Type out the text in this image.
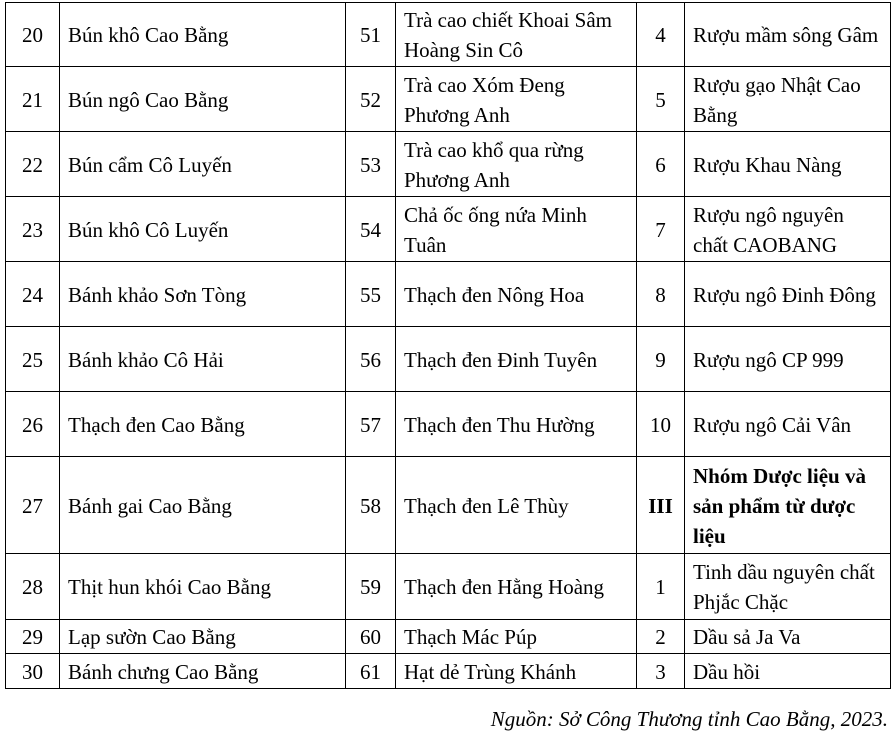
20	Bún khô Cao Bằng	51	Trà cao chiết Khoai Sâm Hoàng Sin Cô	4	Rượu mầm sông Gâm
21	Bún ngô Cao Bằng	52	Trà cao Xóm Đeng Phương Anh	5	Rượu gạo Nhật Cao Bằng
22	Bún cẩm Cô Luyến	53	Trà cao khổ qua rừng Phương Anh	6	Rượu Khau Nàng
23	Bún khô Cô Luyến	54	Chả ốc ống nứa Minh Tuân	7	Rượu ngô nguyên chất CAOBANG
24	Bánh khảo Sơn Tòng	55	Thạch đen Nông Hoa	8	Rượu ngô Đinh Đông
25	Bánh khảo Cô Hải	56	Thạch đen Đinh Tuyên	9	Rượu ngô CP 999
26	Thạch đen Cao Bằng	57	Thạch đen Thu Hường	10	Rượu ngô Cải Vân
27	Bánh gai Cao Bằng	58	Thạch đen Lê Thùy	III	Nhóm Dược liệu và sản phẩm từ dược liệu
28	Thịt hun khói Cao Bằng	59	Thạch đen Hằng Hoàng	1	Tinh dầu nguyên chất Phjắc Chặc
29	Lạp sườn Cao Bằng	60	Thạch Mác Púp	2	Dầu sả Ja Va
30	Bánh chưng Cao Bằng	61	Hạt dẻ Trùng Khánh	3	Dầu hồi
Nguồn: Sở Công Thương tỉnh Cao Bằng, 2023.
